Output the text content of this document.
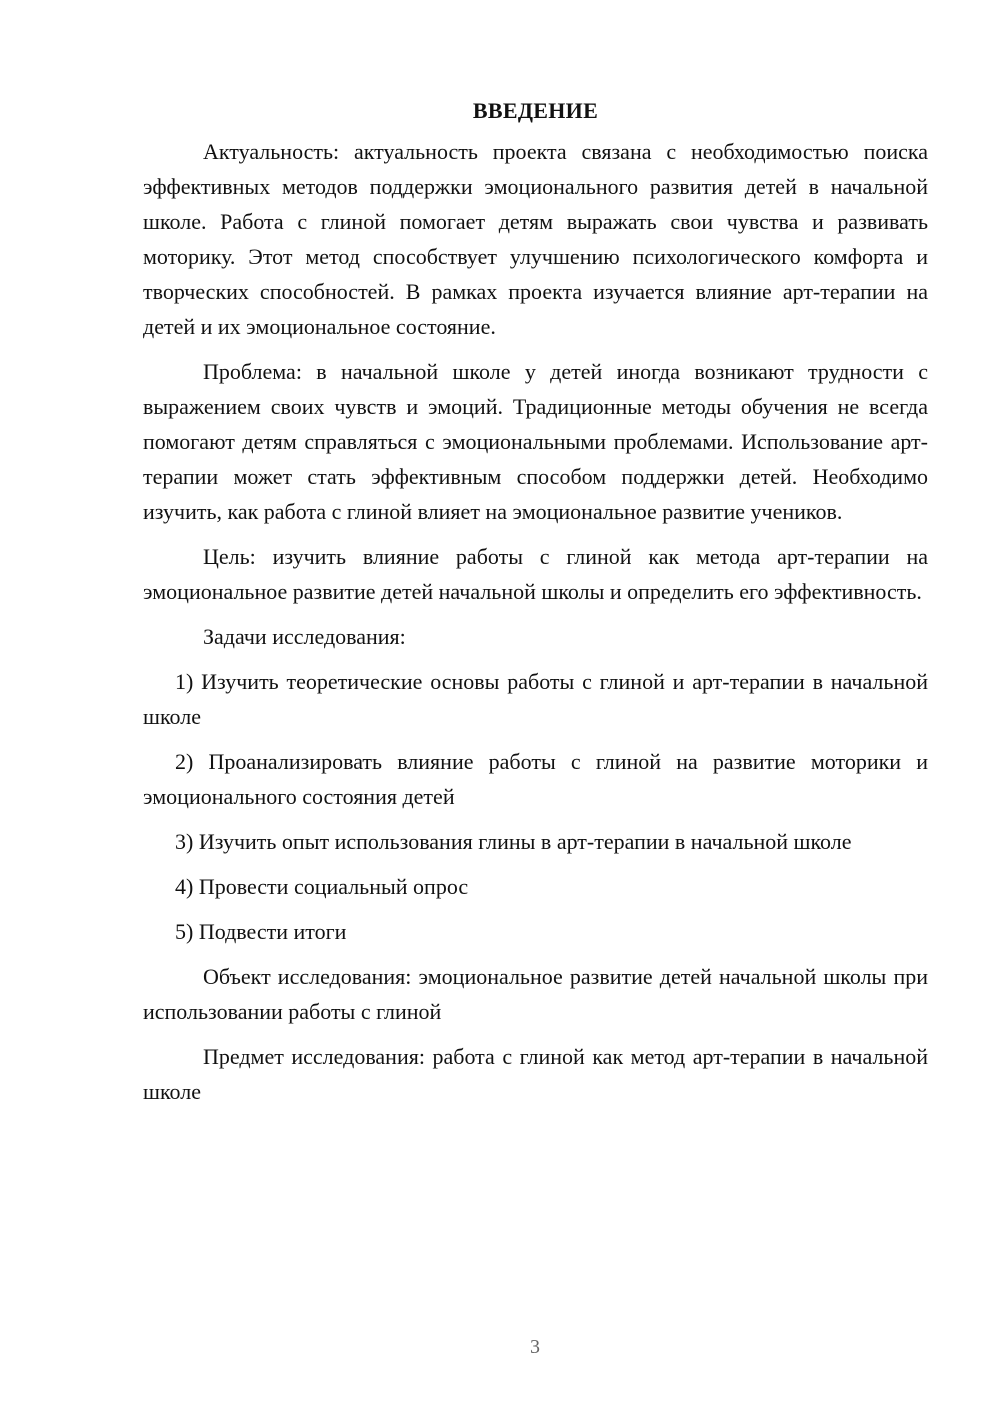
ВВЕДЕНИЕ

Актуальность: актуальность проекта связана с необходимостью поиска эффективных методов поддержки эмоционального развития детей в начальной школе. Работа с глиной помогает детям выражать свои чувства и развивать моторику. Этот метод способствует улучшению психологического комфорта и творческих способностей. В рамках проекта изучается влияние арт-терапии на детей и их эмоциональное состояние.

Проблема: в начальной школе у детей иногда возникают трудности с выражением своих чувств и эмоций. Традиционные методы обучения не всегда помогают детям справляться с эмоциональными проблемами. Использование арт-терапии может стать эффективным способом поддержки детей. Необходимо изучить, как работа с глиной влияет на эмоциональное развитие учеников.

Цель: изучить влияние работы с глиной как метода арт-терапии на эмоциональное развитие детей начальной школы и определить его эффективность.

Задачи исследования:

1) Изучить теоретические основы работы с глиной и арт-терапии в начальной школе

2) Проанализировать влияние работы с глиной на развитие моторики и эмоционального состояния детей

3) Изучить опыт использования глины в арт-терапии в начальной школе

4) Провести социальный опрос

5) Подвести итоги

Объект исследования: эмоциональное развитие детей начальной школы при использовании работы с глиной

Предмет исследования: работа с глиной как метод арт-терапии в начальной школе

3
